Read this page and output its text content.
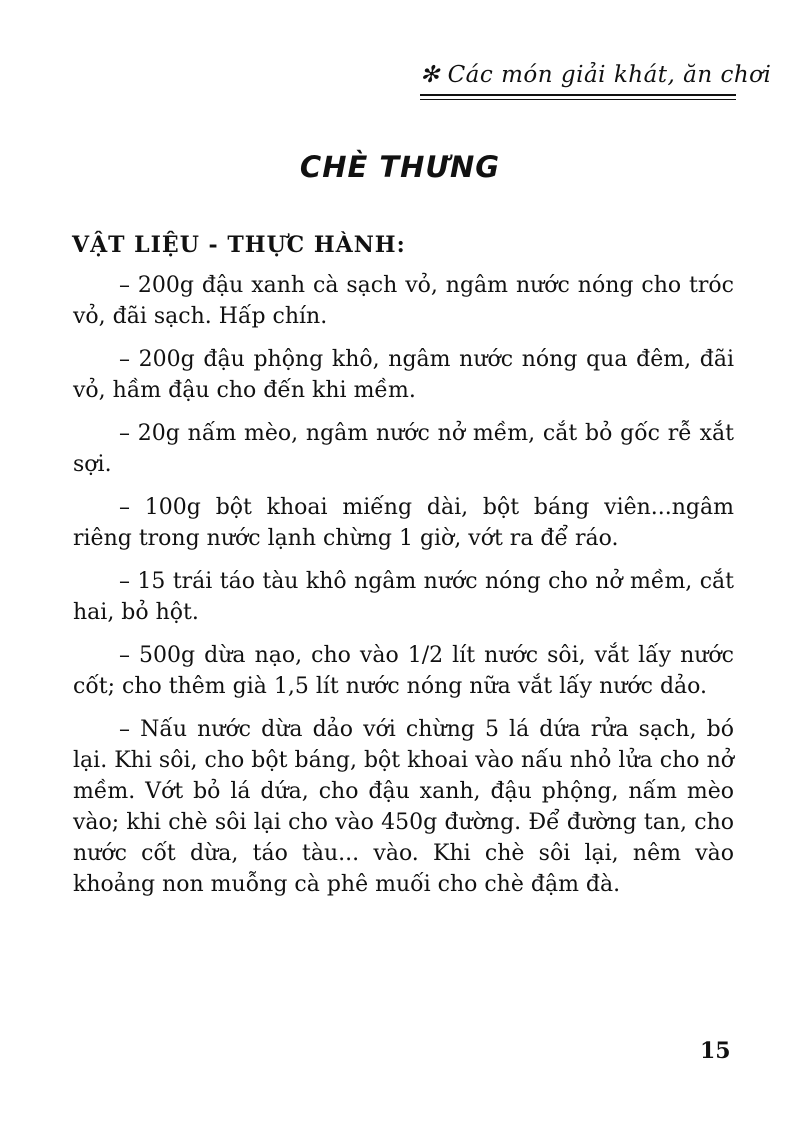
✻ Các món giải khát, ăn chơi
CHÈ THƯNG
VẬT LIỆU - THỰC HÀNH:
– 200g đậu xanh cà sạch vỏ, ngâm nước nóng cho tróc vỏ, đãi sạch. Hấp chín.
– 200g đậu phộng khô, ngâm nước nóng qua đêm, đãi vỏ, hầm đậu cho đến khi mềm.
– 20g nấm mèo, ngâm nước nở mềm, cắt bỏ gốc rễ xắt sợi.
– 100g bột khoai miếng dài, bột báng viên...ngâm riêng trong nước lạnh chừng 1 giờ, vớt ra để ráo.
– 15 trái táo tàu khô ngâm nước nóng cho nở mềm, cắt hai, bỏ hột.
– 500g dừa nạo, cho vào 1/2 lít nước sôi, vắt lấy nước cốt; cho thêm già 1,5 lít nước nóng nữa vắt lấy nước dảo.
– Nấu nước dừa dảo với chừng 5 lá dứa rửa sạch, bó lại. Khi sôi, cho bột báng, bột khoai vào nấu nhỏ lửa cho nở mềm. Vớt bỏ lá dứa, cho đậu xanh, đậu phộng, nấm mèo vào; khi chè sôi lại cho vào 450g đường. Để đường tan, cho nước cốt dừa, táo tàu... vào. Khi chè sôi lại, nêm vào khoảng non muỗng cà phê muối cho chè đậm đà.
15
